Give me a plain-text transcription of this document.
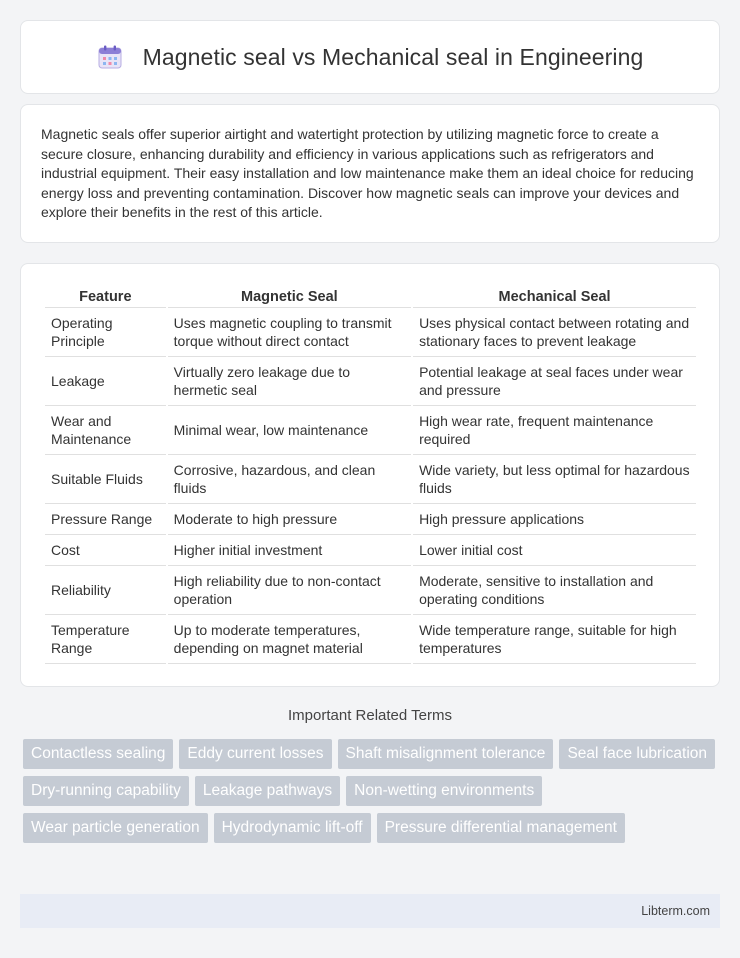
Magnetic seal vs Mechanical seal in Engineering

Magnetic seals offer superior airtight and watertight protection by utilizing magnetic force to create a secure closure, enhancing durability and efficiency in various applications such as refrigerators and industrial equipment. Their easy installation and low maintenance make them an ideal choice for reducing energy loss and preventing contamination. Discover how magnetic seals can improve your devices and explore their benefits in the rest of this article.

Feature	Magnetic Seal	Mechanical Seal
Operating Principle	Uses magnetic coupling to transmit torque without direct contact	Uses physical contact between rotating and stationary faces to prevent leakage
Leakage	Virtually zero leakage due to hermetic seal	Potential leakage at seal faces under wear and pressure
Wear and Maintenance	Minimal wear, low maintenance	High wear rate, frequent maintenance required
Suitable Fluids	Corrosive, hazardous, and clean fluids	Wide variety, but less optimal for hazardous fluids
Pressure Range	Moderate to high pressure	High pressure applications
Cost	Higher initial investment	Lower initial cost
Reliability	High reliability due to non-contact operation	Moderate, sensitive to installation and operating conditions
Temperature Range	Up to moderate temperatures, depending on magnet material	Wide temperature range, suitable for high temperatures
Important Related Terms
Contactless sealing	Eddy current losses	Shaft misalignment tolerance	Seal face lubrication
Dry-running capability	Leakage pathways	Non-wetting environments
Wear particle generation	Hydrodynamic lift-off	Pressure differential management
Libterm.com
